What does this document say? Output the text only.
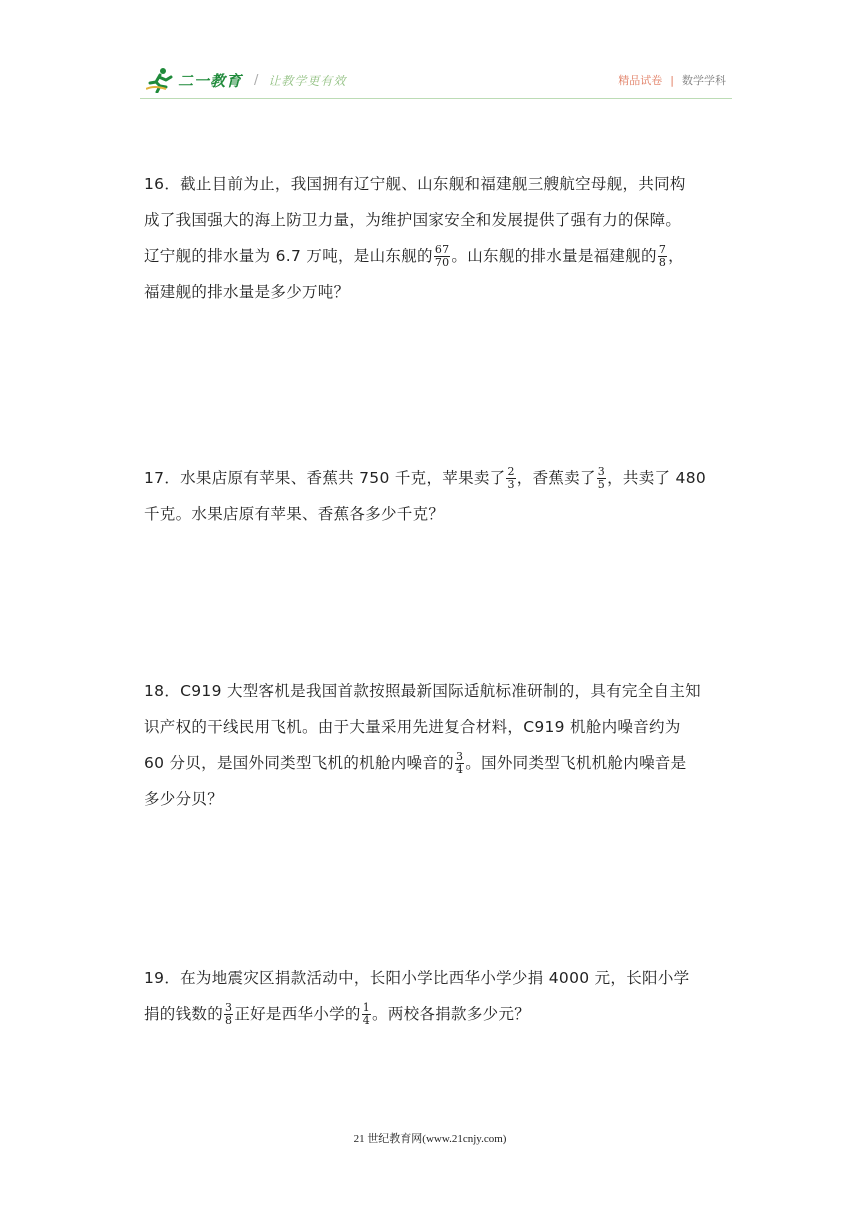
二一教育 / 让教学更有效	精品试卷 | 数学学科
16．截止目前为止，我国拥有辽宁舰、山东舰和福建舰三艘航空母舰，共同构
成了我国强大的海上防卫力量，为维护国家安全和发展提供了强有力的保障。
辽宁舰的排水量为 6.7 万吨，是山东舰的 $\frac{67}{70}$ 。山东舰的排水量是福建舰的 $\frac{7}{8}$ ，
福建舰的排水量是多少万吨？
17．水果店原有苹果、香蕉共 750 千克，苹果卖了 $\frac{2}{3}$ ，香蕉卖了 $\frac{3}{5}$ ，共卖了 480
千克。水果店原有苹果、香蕉各多少千克？
18．C919 大型客机是我国首款按照最新国际适航标准研制的，具有完全自主知
识产权的干线民用飞机。由于大量采用先进复合材料，C919 机舱内噪音约为
60 分贝，是国外同类型飞机的机舱内噪音的 $\frac{3}{4}$ 。国外同类型飞机机舱内噪音是
多少分贝？
19．在为地震灾区捐款活动中，长阳小学比西华小学少捐 4000 元，长阳小学
捐的钱数的 $\frac{3}{8}$ 正好是西华小学的 $\frac{1}{4}$ 。两校各捐款多少元？
21 世纪教育网(www.21cnjy.com)
